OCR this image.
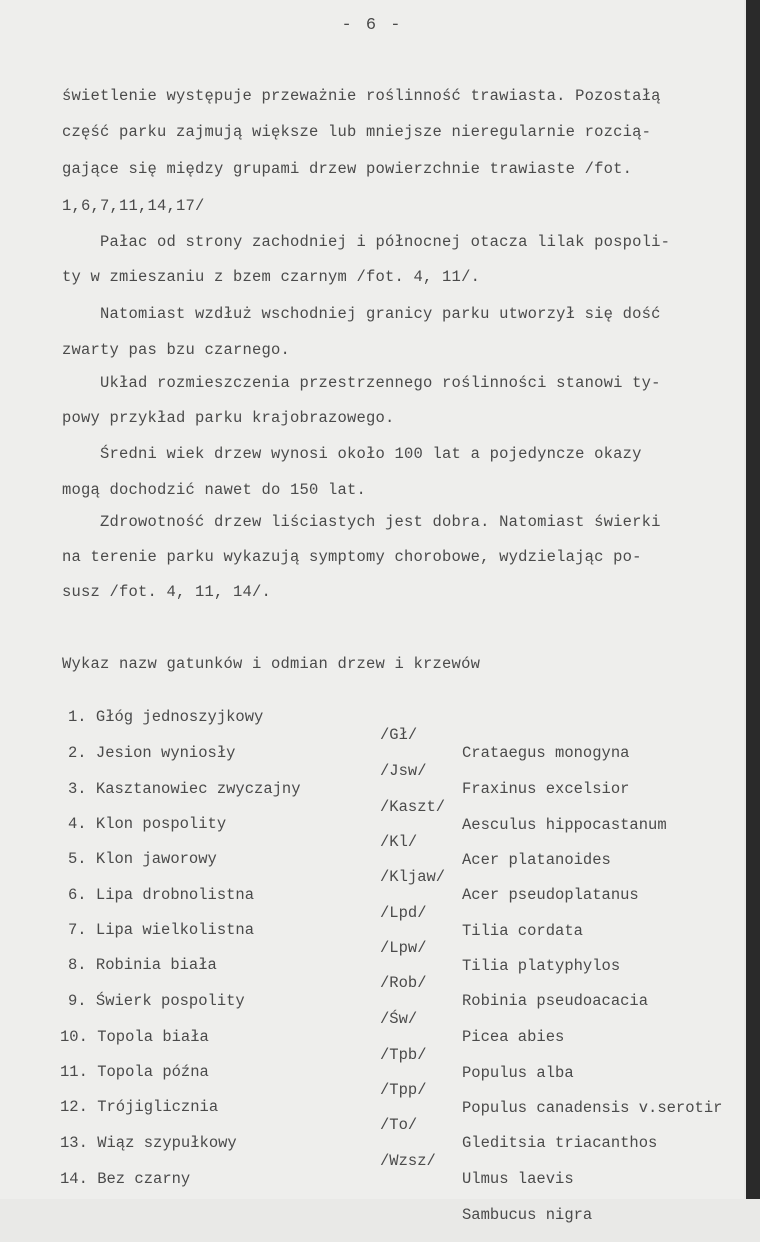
- 6 -
świetlenie występuje przeważnie roślinność trawiasta. Pozostałą
część parku zajmują większe lub mniejsze nieregularnie rozcią-
gające się między grupami drzew powierzchnie trawiaste /fot.
1,6,7,11,14,17/
Pałac od strony zachodniej i północnej otacza lilak pospoli-
ty w zmieszaniu z bzem czarnym /fot. 4, 11/.
Natomiast wzdłuż wschodniej granicy parku utworzył się dość
zwarty pas bzu czarnego.
Układ rozmieszczenia przestrzennego roślinności stanowi ty-
powy przykład parku krajobrazowego.
Średni wiek drzew wynosi około 100 lat a pojedyncze okazy
mogą dochodzić nawet do 150 lat.
Zdrowotność drzew liściastych jest dobra. Natomiast świerki
na terenie parku wykazują symptomy chorobowe, wydzielając po-
susz /fot. 4, 11, 14/.
Wykaz nazw gatunków i odmian drzew i krzewów

1. Głóg jednoszyjkowy

/Gł/

Crataegus monogyna

2. Jesion wyniosły

/Jsw/

Fraxinus excelsior

3. Kasztanowiec zwyczajny

/Kaszt/

Aesculus hippocastanum

4. Klon pospolity

/Kl/

Acer platanoides

5. Klon jaworowy

/Kljaw/

Acer pseudoplatanus

6. Lipa drobnolistna

/Lpd/

Tilia cordata

7. Lipa wielkolistna

/Lpw/

Tilia platyphylos

8. Robinia biała

/Rob/

Robinia pseudoacacia

9. Świerk pospolity

/Św/

Picea abies

10. Topola biała

/Tpb/

Populus alba

11. Topola późna

/Tpp/

Populus canadensis v.serotir

12. Trójiglicznia

/To/

Gleditsia triacanthos

13. Wiąz szypułkowy

/Wzsz/

Ulmus laevis

14. Bez czarny

Sambucus nigra
